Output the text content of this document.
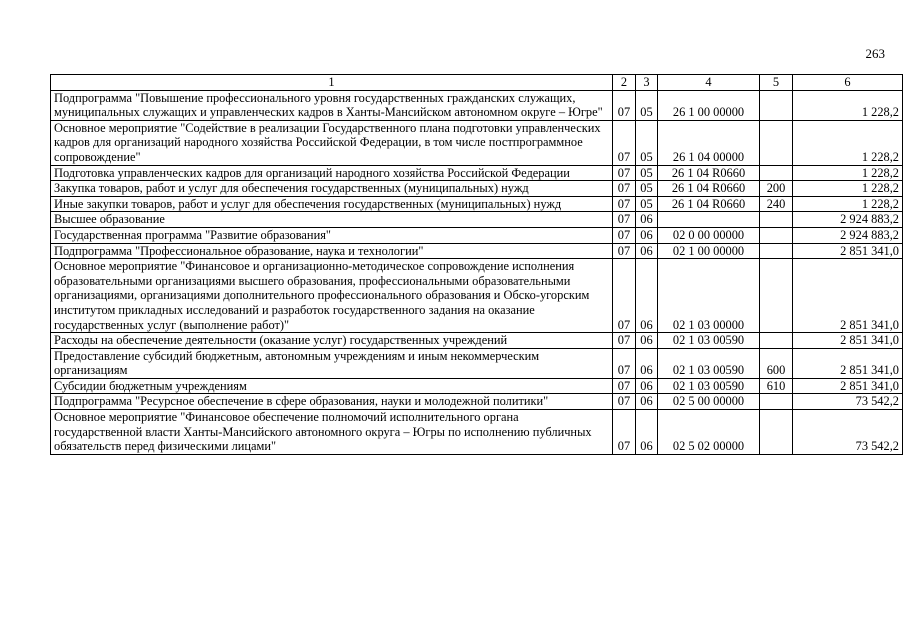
263
1	2	3	4	5	6
Подпрограмма "Повышение профессионального уровня государственных гражданских служащих, муниципальных служащих и управленческих кадров в Ханты-Мансийском автономном округе – Югре"	07	05	26 1 00 00000		1 228,2
Основное мероприятие "Содействие в реализации Государственного плана подготовки управленческих кадров для организаций народного хозяйства Российской Федерации, в том числе постпрограммное сопровождение"	07	05	26 1 04 00000		1 228,2
Подготовка управленческих кадров для организаций народного хозяйства Российской Федерации	07	05	26 1 04 R0660		1 228,2
Закупка товаров, работ и услуг для обеспечения государственных (муниципальных) нужд	07	05	26 1 04 R0660	200	1 228,2
Иные закупки товаров, работ и услуг для обеспечения государственных (муниципальных) нужд	07	05	26 1 04 R0660	240	1 228,2
Высшее образование	07	06			2 924 883,2
Государственная программа "Развитие образования"	07	06	02 0 00 00000		2 924 883,2
Подпрограмма "Профессиональное образование, наука и технологии"	07	06	02 1 00 00000		2 851 341,0
Основное мероприятие "Финансовое и организационно-методическое сопровождение исполнения образовательными организациями высшего образования, профессиональными образовательными организациями, организациями дополнительного профессионального образования и Обско-угорским институтом прикладных исследований и разработок государственного задания на оказание государственных услуг (выполнение работ)"	07	06	02 1 03 00000		2 851 341,0
Расходы на обеспечение деятельности (оказание услуг) государственных учреждений	07	06	02 1 03 00590		2 851 341,0
Предоставление субсидий бюджетным, автономным учреждениям и иным некоммерческим организациям	07	06	02 1 03 00590	600	2 851 341,0
Субсидии бюджетным учреждениям	07	06	02 1 03 00590	610	2 851 341,0
Подпрограмма "Ресурсное обеспечение в сфере образования, науки и молодежной политики"	07	06	02 5 00 00000		73 542,2
Основное мероприятие "Финансовое обеспечение полномочий исполнительного органа государственной власти Ханты-Мансийского автономного округа – Югры по исполнению публичных обязательств перед физическими лицами"	07	06	02 5 02 00000		73 542,2
